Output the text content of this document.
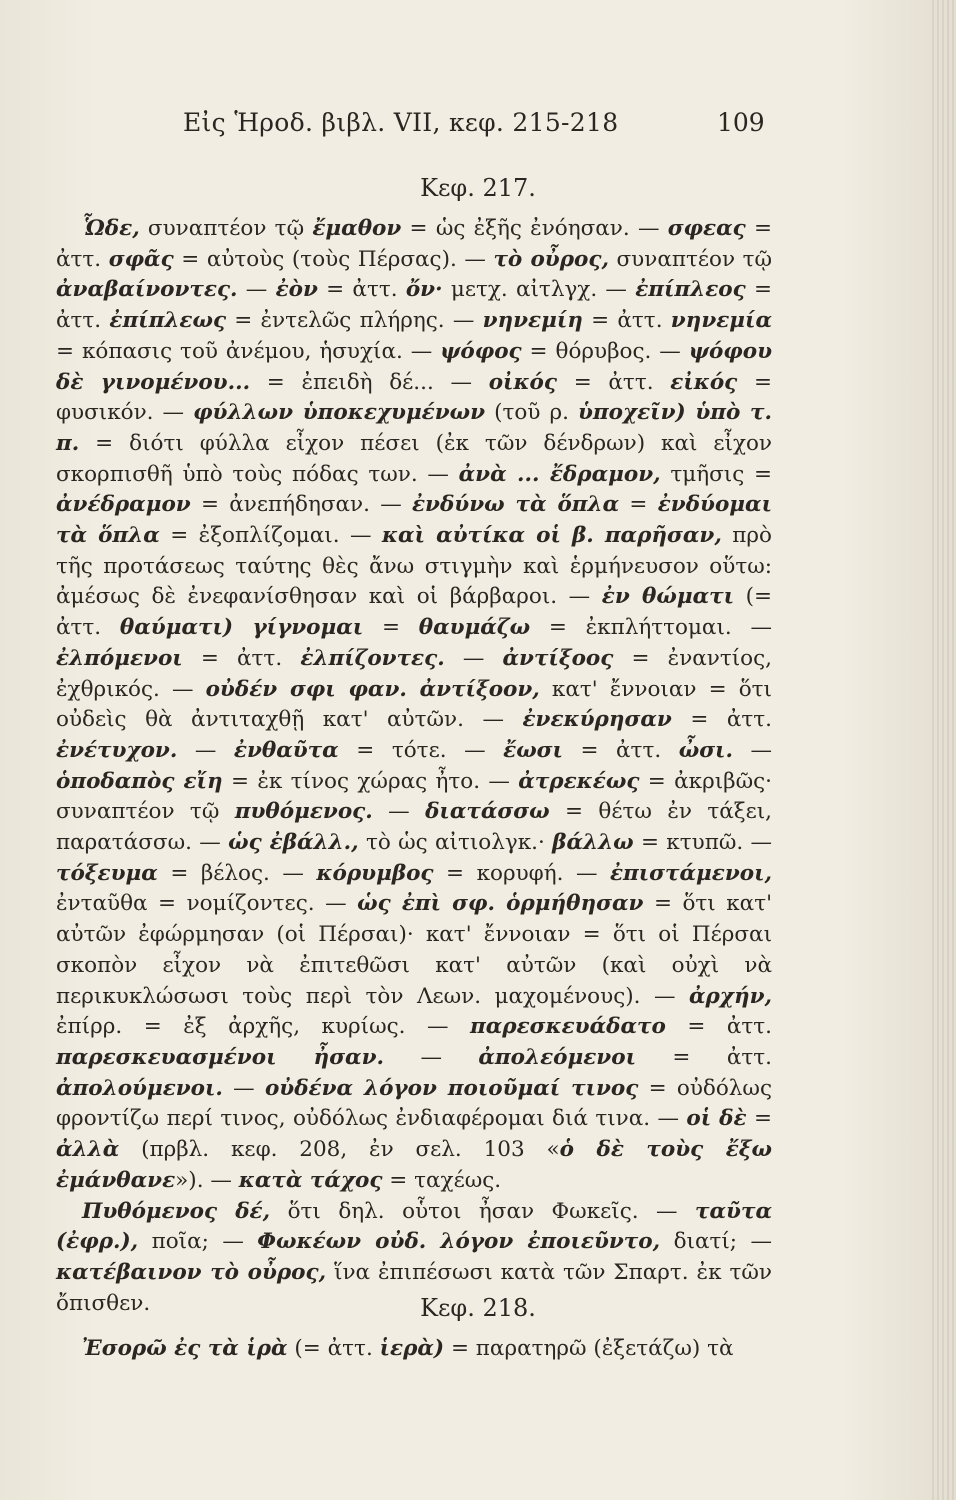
Εἰς Ἡροδ. βιβλ. VII, κεφ. 215-218	109
Κεφ. 217.

Ὧδε, συναπτέον τῷ ἔμαθον = ὡς ἐξῆς ἐνόησαν. — σφεας = ἀττ. σφᾶς = αὐτοὺς (τοὺς Πέρσας). — τὸ οὖρος, συναπτέον τῷ ἀναβαίνοντες. — ἐὸν = ἀττ. ὄν· μετχ. αἰτλγχ. — ἐπίπλεος = ἀττ. ἐπίπλεως = ἐντελῶς πλήρης. — νηνεμίη = ἀττ. νηνεμία = κόπασις τοῦ ἀνέμου, ἡσυχία. — ψόφος = θόρυβος. — ψόφου δὲ γινομένου... = ἐπειδὴ δέ... — οἰκός = ἀττ. εἰκός = φυσικόν. — φύλλων ὑποκεχυμένων (τοῦ ρ. ὑποχεῖν) ὑπὸ τ. π. = διότι φύλλα εἶχον πέσει (ἐκ τῶν δένδρων) καὶ εἶχον σκορπισθῆ ὑπὸ τοὺς πόδας των. — ἀνὰ ... ἔδραμον, τμῆσις = ἀνέδραμον = ἀνεπήδησαν. — ἐνδύνω τὰ ὅπλα = ἐνδύομαι τὰ ὅπλα = ἐξοπλίζομαι. — καὶ αὐτίκα οἱ β. παρῆσαν, πρὸ τῆς προτάσεως ταύτης θὲς ἄνω στιγμὴν καὶ ἑρμήνευσον οὕτω: ἀμέσως δὲ ἐνεφανίσθησαν καὶ οἱ βάρβαροι. — ἐν θώματι (= ἀττ. θαύματι) γίγνομαι = θαυμάζω = ἐκπλήττομαι. — ἐλπόμενοι = ἀττ. ἐλπίζοντες. — ἀντίξοος = ἐναντίος, ἐχθρικός. — οὐδέν σφι φαν. ἀντίξοον, κατ' ἔννοιαν = ὅτι οὐδεὶς θὰ ἀντιταχθῇ κατ' αὐτῶν. — ἐνεκύρησαν = ἀττ. ἐνέτυχον. — ἐνθαῦτα = τότε. — ἔωσι = ἀττ. ὦσι. — ὁποδαπὸς εἴη = ἐκ τίνος χώρας ἦτο. — ἀτρεκέως = ἀκριβῶς· συναπτέον τῷ πυθόμενος. — διατάσσω = θέτω ἐν τάξει, παρατάσσω. — ὡς ἐβάλλ., τὸ ὡς αἰτιολγκ.· βάλλω = κτυπῶ. — τόξευμα = βέλος. — κόρυμβος = κορυφή. — ἐπιστάμενοι, ἐνταῦθα = νομίζοντες. — ὡς ἐπὶ σφ. ὁρμήθησαν = ὅτι κατ' αὐτῶν ἐφώρμησαν (οἱ Πέρσαι)· κατ' ἔννοιαν = ὅτι οἱ Πέρσαι σκοπὸν εἶχον νὰ ἐπιτεθῶσι κατ' αὐτῶν (καὶ οὐχὶ νὰ περικυκλώσωσι τοὺς περὶ τὸν Λεων. μαχομένους). — ἀρχήν, ἐπίρρ. = ἐξ ἀρχῆς, κυρίως. — παρεσκευάδατο = ἀττ. παρεσκευασμένοι ἦσαν. — ἀπολεόμενοι = ἀττ. ἀπολούμενοι. — οὐδένα λόγον ποιοῦμαί τινος = οὐδόλως φροντίζω περί τινος, οὐδόλως ἐνδιαφέρομαι διά τινα. — οἱ δὲ = ἀλλὰ (πρβλ. κεφ. 208, ἐν σελ. 103 «ὁ δὲ τοὺς ἔξω ἐμάνθανε»). — κατὰ τάχος = ταχέως.

Πυθόμενος δέ, ὅτι δηλ. οὗτοι ἦσαν Φωκεῖς. — ταῦτα (ἐφρ.), ποῖα; — Φωκέων οὐδ. λόγον ἐποιεῦντο, διατί; — κατέβαινον τὸ οὖρος, ἵνα ἐπιπέσωσι κατὰ τῶν Σπαρτ. ἐκ τῶν ὄπισθεν.	Κεφ. 218.

Ἐσορῶ ἐς τὰ ἱρὰ (= ἀττ. ἱερὰ) = παρατηρῶ (ἐξετάζω) τὰ
